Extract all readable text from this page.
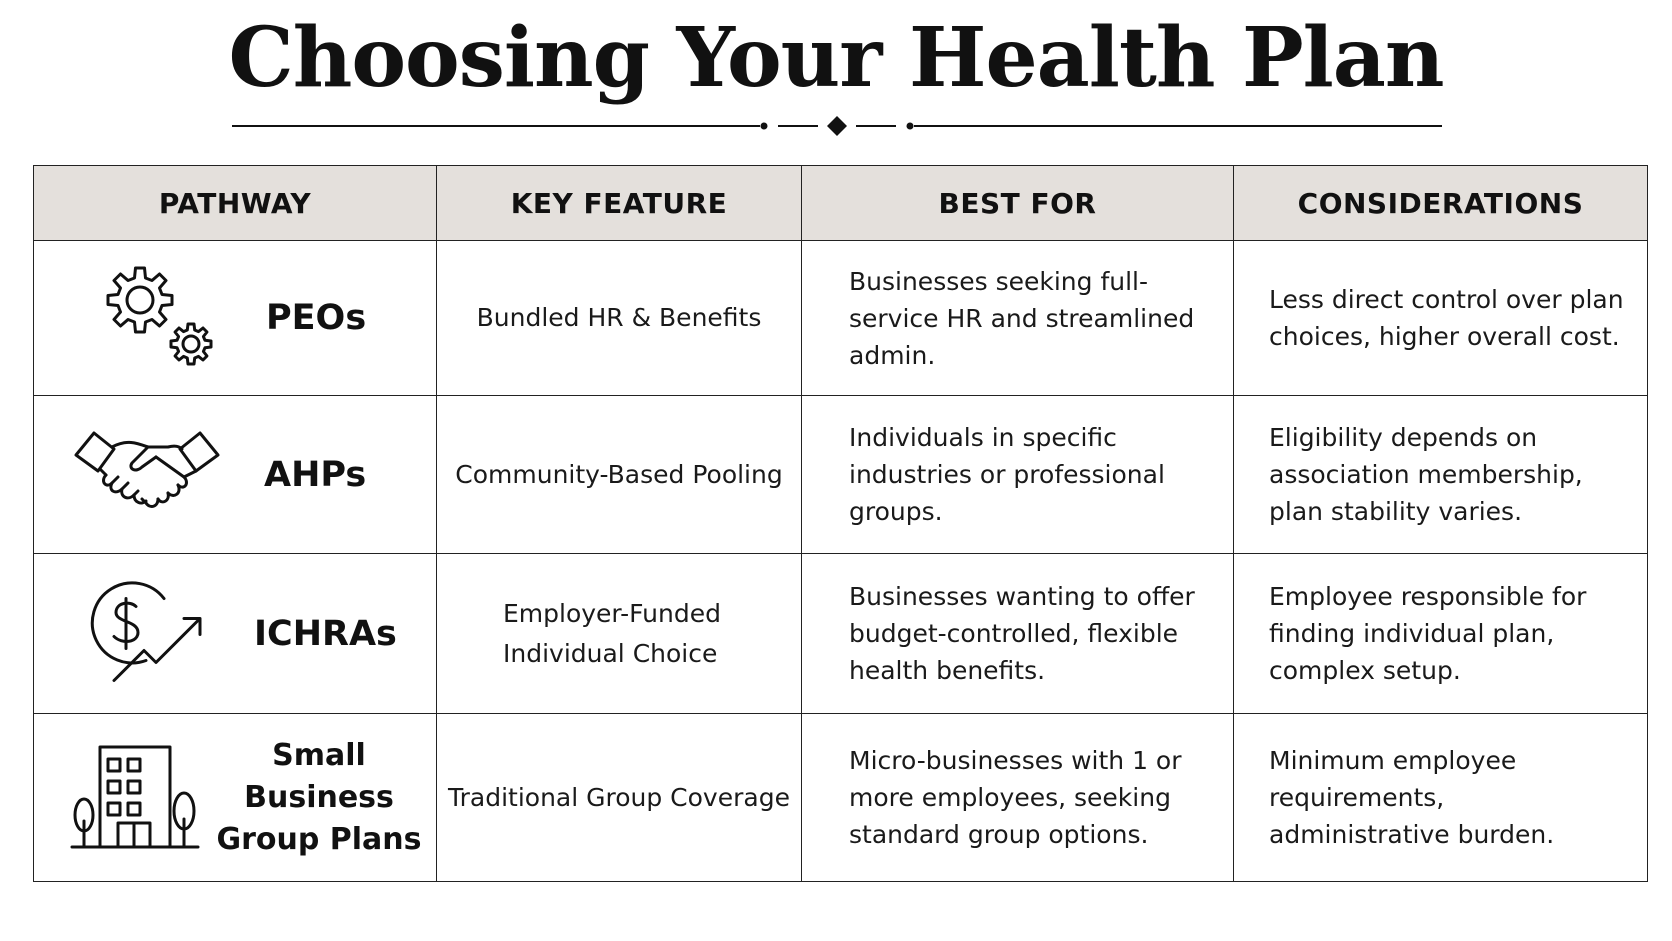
Choosing Your Health Plan
PATHWAY	KEY FEATURE	BEST FOR	CONSIDERATIONS

PEOs	Bundled HR & Benefits	Businesses seeking full-service HR and streamlined admin.	Less direct control over plan choices, higher overall cost.

AHPs	Community-Based Pooling	Individuals in specific industries or professional groups.	Eligibility depends on association membership, plan stability varies.

ICHRAs	Employer-Funded Individual Choice	Businesses wanting to offer budget-controlled, flexible health benefits.	Employee responsible for finding individual plan, complex setup.

Small Business
Group Plans	Traditional Group Coverage	Micro-businesses with 1 or more employees, seeking standard group options.	Minimum employee requirements, administrative burden.
